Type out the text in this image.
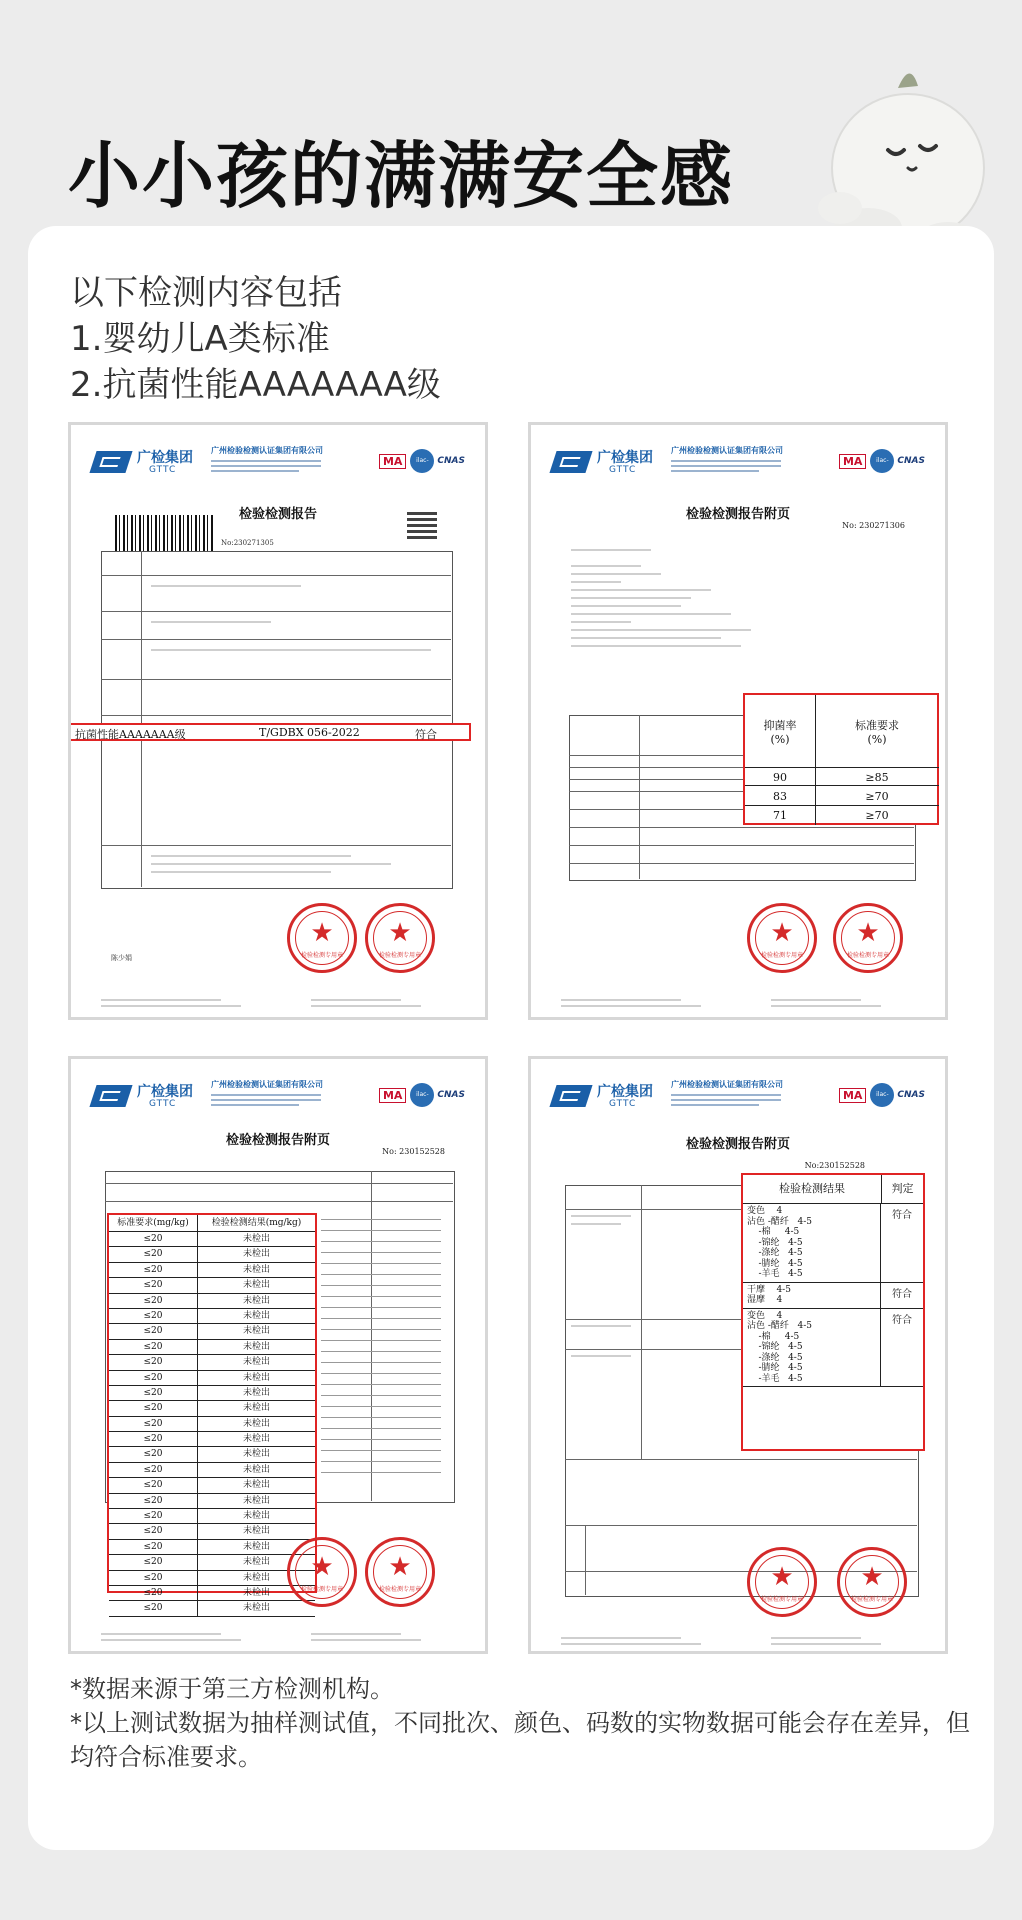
小小孩的满满安全感
以下检测内容包括
1.婴幼儿A类标准
2.抗菌性能AAAAAAA级
广检集团
GTTC
广州检验检测认证集团有限公司
MA ilac-MRACNAS
检验检测报告
No:230271305
抗菌性能AAAAAAA级	T/GDBX 056-2022	符合
陈少娟
★
检验检测专用章
★
检验检测专用章
广检集团
GTTC
广州检验检测认证集团有限公司
MA ilac-MRACNAS
检验检测报告附页
No: 230271306
抑菌率
(%)
标准要求
(%)
90	≥85
83	≥70
71	≥70
★
检验检测专用章
★
检验检测专用章
广检集团
GTTC
广州检验检测认证集团有限公司
MA ilac-MRACNAS
检验检测报告附页
No: 230152528
标准要求(mg/kg)	检验检测结果(mg/kg)
≤20	未检出
≤20	未检出
≤20	未检出
≤20	未检出
≤20	未检出
≤20	未检出
≤20	未检出
≤20	未检出
≤20	未检出
≤20	未检出
≤20	未检出
≤20	未检出
≤20	未检出
≤20	未检出
≤20	未检出
≤20	未检出
≤20	未检出
≤20	未检出
≤20	未检出
≤20	未检出
≤20	未检出
≤20	未检出
≤20	未检出
≤20	未检出
≤20	未检出
★
检验检测专用章
★
检验检测专用章
广检集团
GTTC
广州检验检测认证集团有限公司
MA ilac-MRACNAS
检验检测报告附页
No:230152528
检验检测结果	判定
变色    4
沾色 -醋纤   4-5
-棉     4-5
-锦纶   4-5
-涤纶   4-5
-腈纶   4-5
-羊毛   4-5
符合
干摩    4-5
湿摩    4
符合
变色    4
沾色 -醋纤   4-5
-棉     4-5
-锦纶   4-5
-涤纶   4-5
-腈纶   4-5
-羊毛   4-5
符合
★
检验检测专用章
★
检验检测专用章
*数据来源于第三方检测机构。
*以上测试数据为抽样测试值，不同批次、颜色、码数的实物数据可能会存在差异，但均符合标准要求。
